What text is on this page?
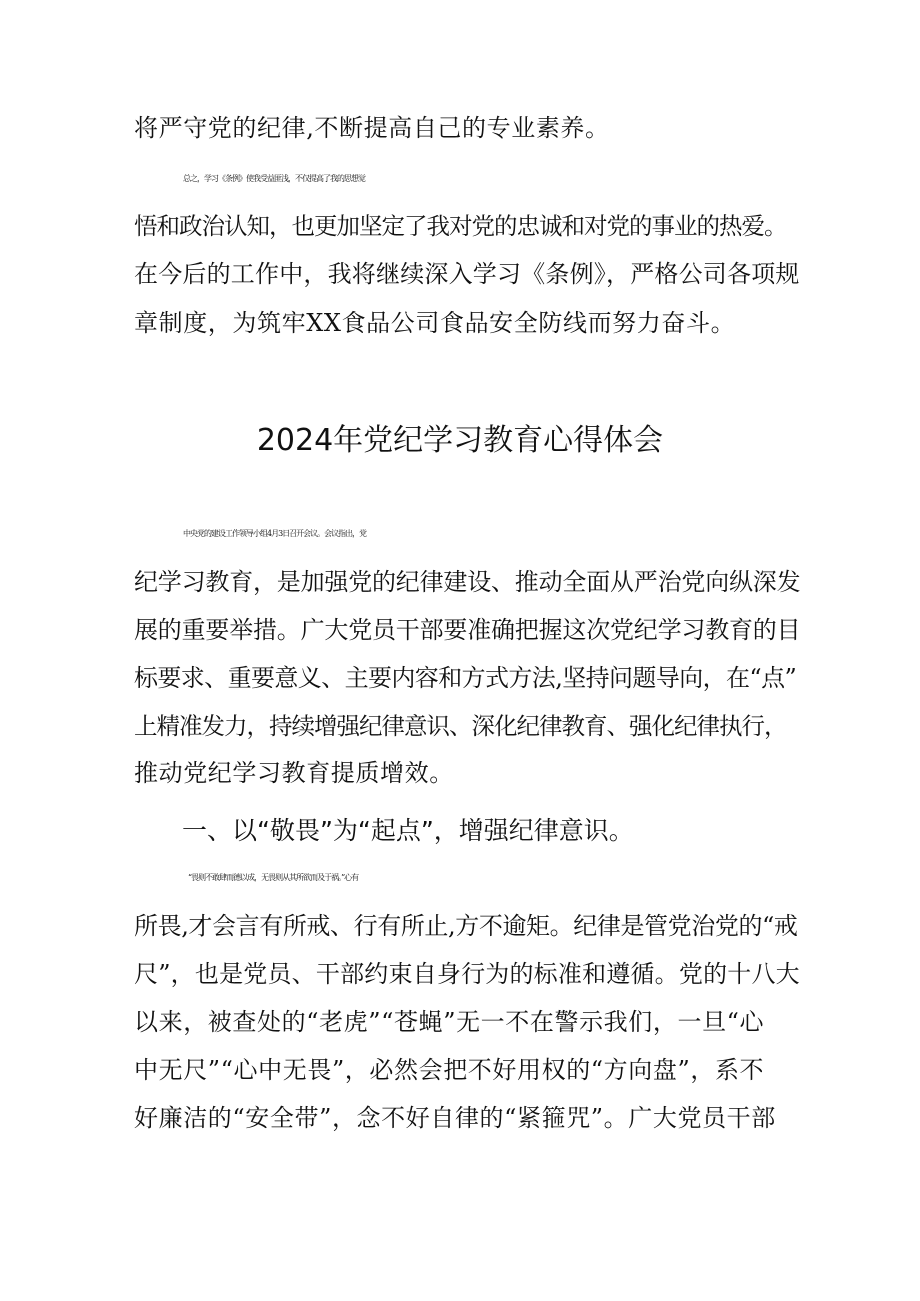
将严守党的纪律,不断提高自己的专业素养。
总之，学习《条例》使我受益匪浅，不仅提高了我的思想觉
悟和政治认知，也更加坚定了我对党的忠诚和对党的事业的热爱。
在今后的工作中，我将继续深入学习《条例》，严格公司各项规
章制度，为筑牢XX食品公司食品安全防线而努力奋斗。
2024年党纪学习教育心得体会
中央党的建设工作领导小组4月3日召开会议。会议指出，党
纪学习教育，是加强党的纪律建设、推动全面从严治党向纵深发
展的重要举措。广大党员干部要准确把握这次党纪学习教育的目
标要求、重要意义、主要内容和方式方法,坚持问题导向，在“点”
上精准发力，持续增强纪律意识、深化纪律教育、强化纪律执行，
推动党纪学习教育提质增效。
一、以“敬畏”为“起点”，增强纪律意识。
“畏则不敢肆而德以成，无畏则从其所欲而及于祸。”心有
所畏,才会言有所戒、行有所止,方不逾矩。纪律是管党治党的“戒
尺”，也是党员、干部约束自身行为的标准和遵循。党的十八大
以来，被查处的“老虎”“苍蝇”无一不在警示我们，一旦“心
中无尺”“心中无畏”，必然会把不好用权的“方向盘”，系不
好廉洁的“安全带”，念不好自律的“紧箍咒”。广大党员干部
